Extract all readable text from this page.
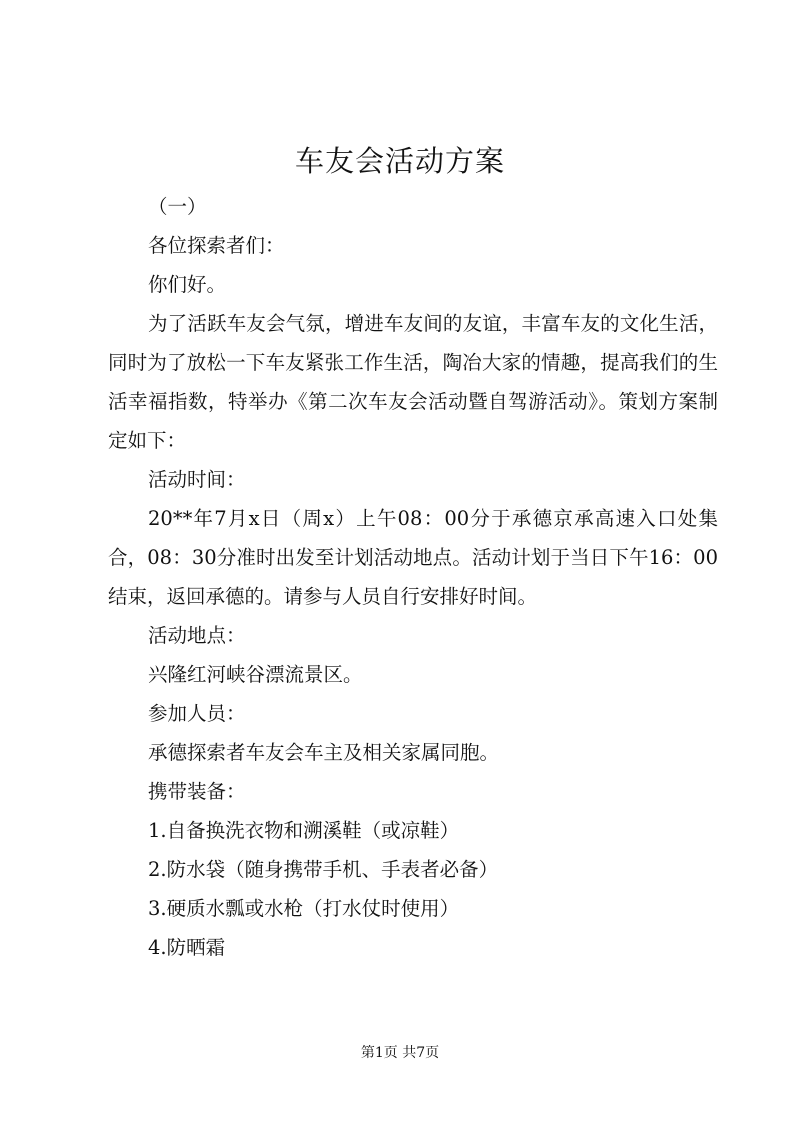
车友会活动方案

（一）

各位探索者们：

你们好。

为了活跃车友会气氛，增进车友间的友谊，丰富车友的文化生活，同时为了放松一下车友紧张工作生活，陶冶大家的情趣，提高我们的生活幸福指数，特举办《第二次车友会活动暨自驾游活动》。策划方案制定如下：

活动时间：

20**年7月x日（周x）上午08：00分于承德京承高速入口处集合，08：30分准时出发至计划活动地点。活动计划于当日下午16：00结束，返回承德的。请参与人员自行安排好时间。

活动地点：

兴隆红河峡谷漂流景区。

参加人员：

承德探索者车友会车主及相关家属同胞。

携带装备：

1.自备换洗衣物和溯溪鞋（或凉鞋）

2.防水袋（随身携带手机、手表者必备）

3.硬质水瓢或水枪（打水仗时使用）

4.防晒霜

第1页 共7页
